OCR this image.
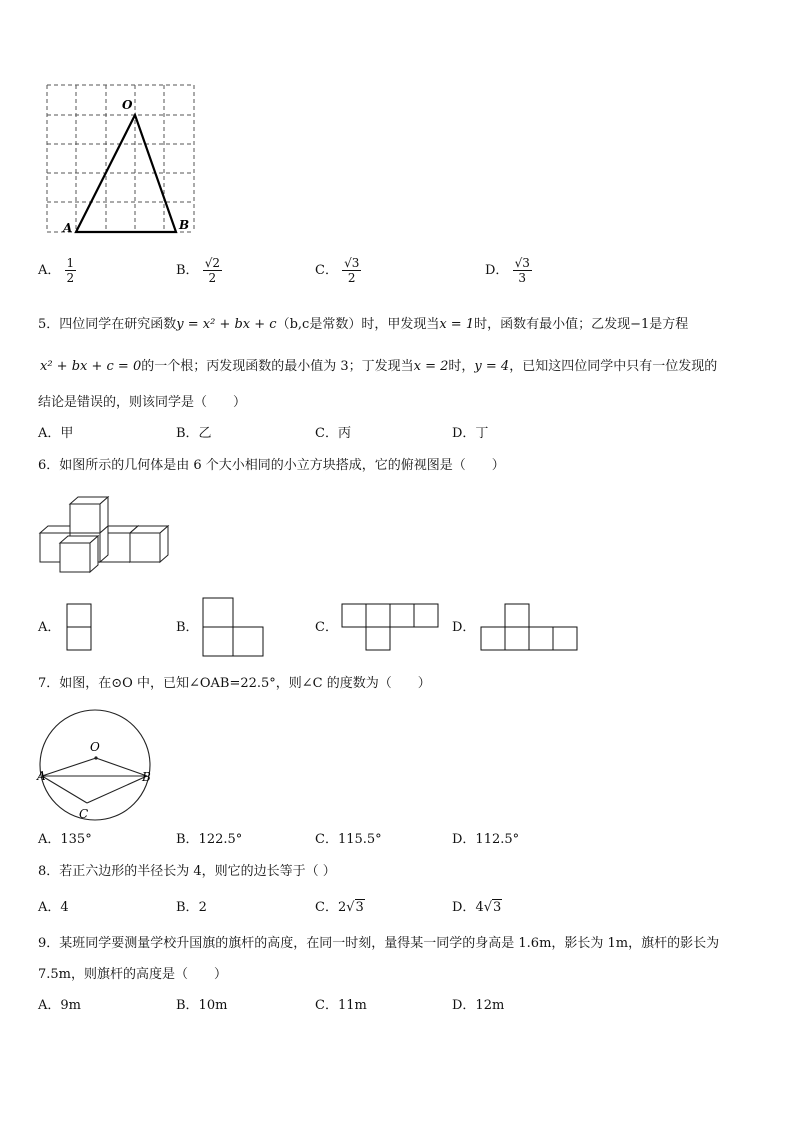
O
A	B
A． $\frac{1}{2}$	B． $\frac{√2}{2}$	C． $\frac{√3}{2}$	D． $\frac{√3}{3}$
5．四位同学在研究函数y = x² + bx + c（b,c是常数）时，甲发现当x = 1时，函数有最小值；乙发现−1是方程
x² + bx + c = 0的一个根；丙发现函数的最小值为 3；丁发现当x = 2时，y = 4，已知这四位同学中只有一位发现的
结论是错误的，则该同学是（　　）
A．甲	B．乙	C．丙	D．丁
6．如图所示的几何体是由 6 个大小相同的小立方块搭成，它的俯视图是（　　）
A．	B．	C．	D．
7．如图，在⊙O 中，已知∠OAB=22.5°，则∠C 的度数为（　　）
O
A	B
C
A．135°	B．122.5°	C．115.5°	D．112.5°
8．若正六边形的半径长为 4，则它的边长等于（ ）
A．4	B．2	C．2√3	D．4√3
9．某班同学要测量学校升国旗的旗杆的高度，在同一时刻，量得某一同学的身高是 1.6m，影长为 1m，旗杆的影长为
7.5m，则旗杆的高度是（　　）
A．9m	B．10m	C．11m	D．12m
